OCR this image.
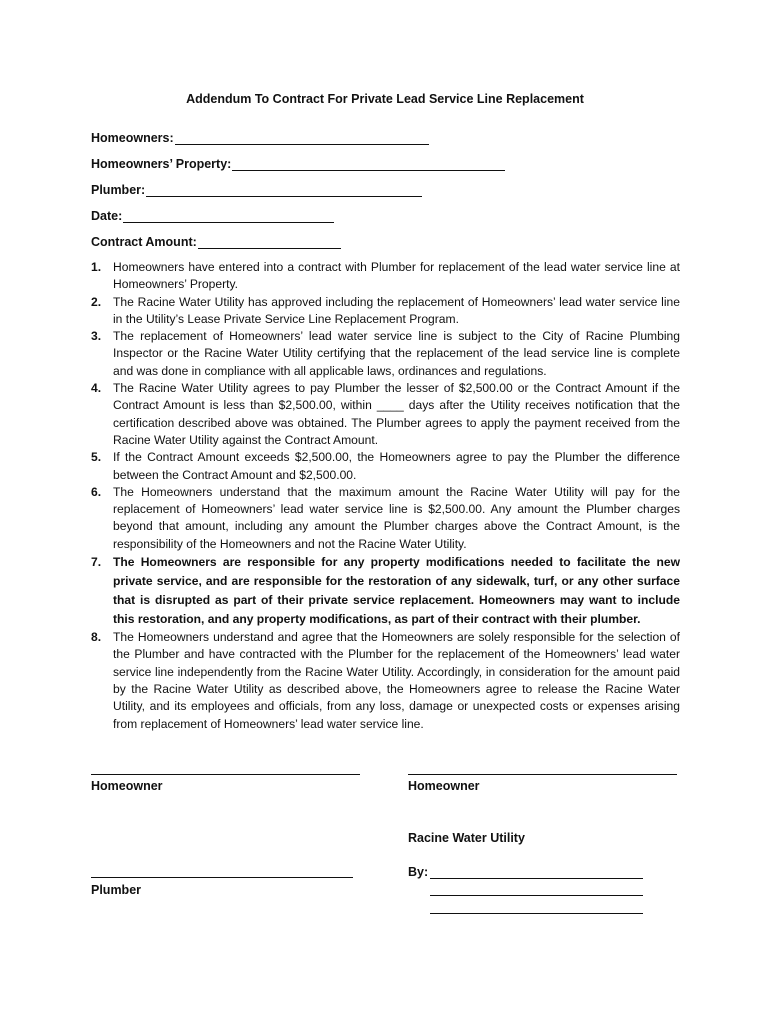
Addendum To Contract For Private Lead Service Line Replacement
Homeowners:
Homeowners’ Property:
Plumber:
Date:
Contract Amount:
1. Homeowners have entered into a contract with Plumber for replacement of the lead water service line at Homeowners’ Property.
2. The Racine Water Utility has approved including the replacement of Homeowners’ lead water service line in the Utility’s Lease Private Service Line Replacement Program.
3. The replacement of Homeowners’ lead water service line is subject to the City of Racine Plumbing Inspector or the Racine Water Utility certifying that the replacement of the lead service line is complete and was done in compliance with all applicable laws, ordinances and regulations.
4. The Racine Water Utility agrees to pay Plumber the lesser of $2,500.00 or the Contract Amount if the Contract Amount is less than $2,500.00, within ____ days after the Utility receives notification that the certification described above was obtained. The Plumber agrees to apply the payment received from the Racine Water Utility against the Contract Amount.
5. If the Contract Amount exceeds $2,500.00, the Homeowners agree to pay the Plumber the difference between the Contract Amount and $2,500.00.
6. The Homeowners understand that the maximum amount the Racine Water Utility will pay for the replacement of Homeowners’ lead water service line is $2,500.00. Any amount the Plumber charges beyond that amount, including any amount the Plumber charges above the Contract Amount, is the responsibility of the Homeowners and not the Racine Water Utility.
7. The Homeowners are responsible for any property modifications needed to facilitate the new private service, and are responsible for the restoration of any sidewalk, turf, or any other surface that is disrupted as part of their private service replacement. Homeowners may want to include this restoration, and any property modifications, as part of their contract with their plumber.
8. The Homeowners understand and agree that the Homeowners are solely responsible for the selection of the Plumber and have contracted with the Plumber for the replacement of the Homeowners’ lead water service line independently from the Racine Water Utility. Accordingly, in consideration for the amount paid by the Racine Water Utility as described above, the Homeowners agree to release the Racine Water Utility, and its employees and officials, from any loss, damage or unexpected costs or expenses arising from replacement of Homeowners’ lead water service line.
Homeowner	Homeowner
Racine Water Utility
Plumber
By:
